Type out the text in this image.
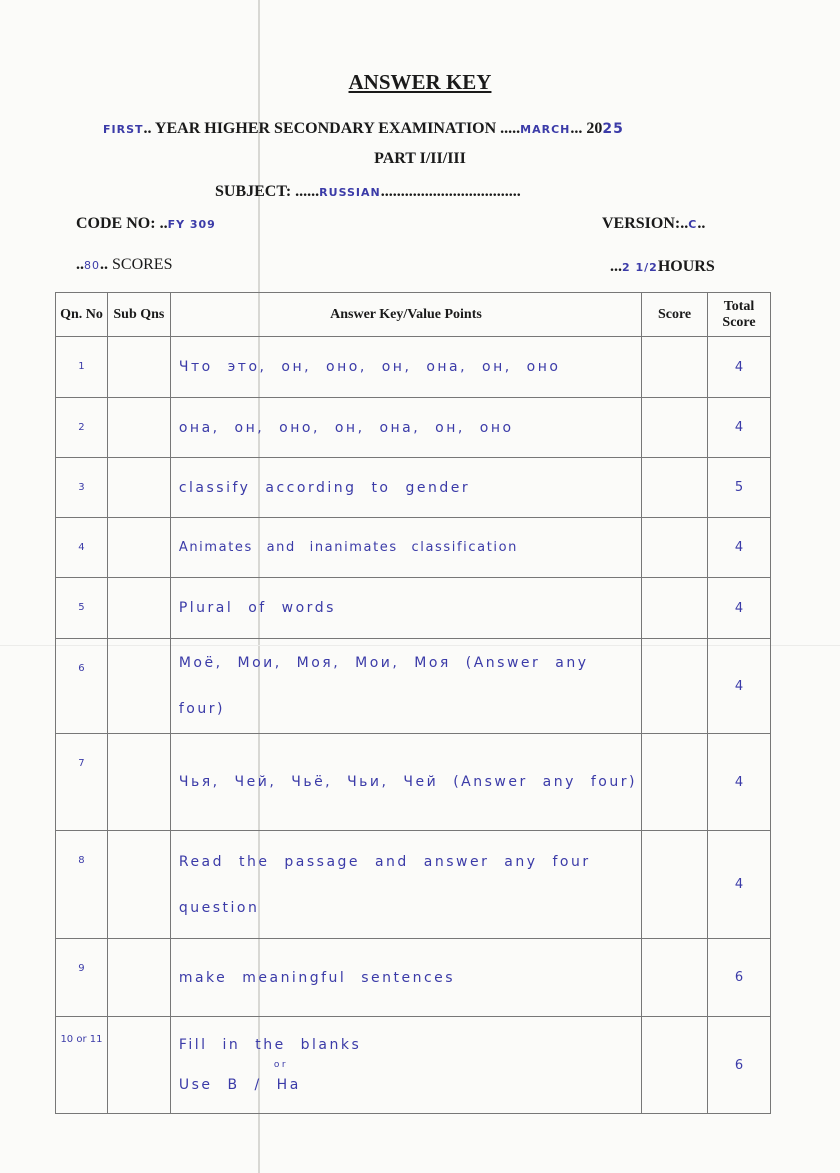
ANSWER KEY
FIRST.. YEAR HIGHER SECONDARY EXAMINATION .....MARCH... 2025
PART I/II/III
SUBJECT: ......RUSSIAN...................................
CODE NO: ..FY 309	VERSION:..C..
..80.. SCORES	...2 1/2HOURS
Qn. No	Sub Qns	Answer Key/Value Points	Score	Total Score
1		Что это, он, оно, он, она, он, оно		4
2		она, он, оно, он, она, он, оно		4
3		classify according to gender		5
4		Animates and inanimates classification		4
5		Plural of words		4
6		Моё, Мои, Моя, Мои, Моя (Answer any four)		4
7		Чья, Чей, Чьё, Чьи, Чей (Answer any four)		4
8		Read the passage and answer any four question		4
9		make meaningful sentences		6
10 or 11		Fill in the blanks
or
Use В / На		6
